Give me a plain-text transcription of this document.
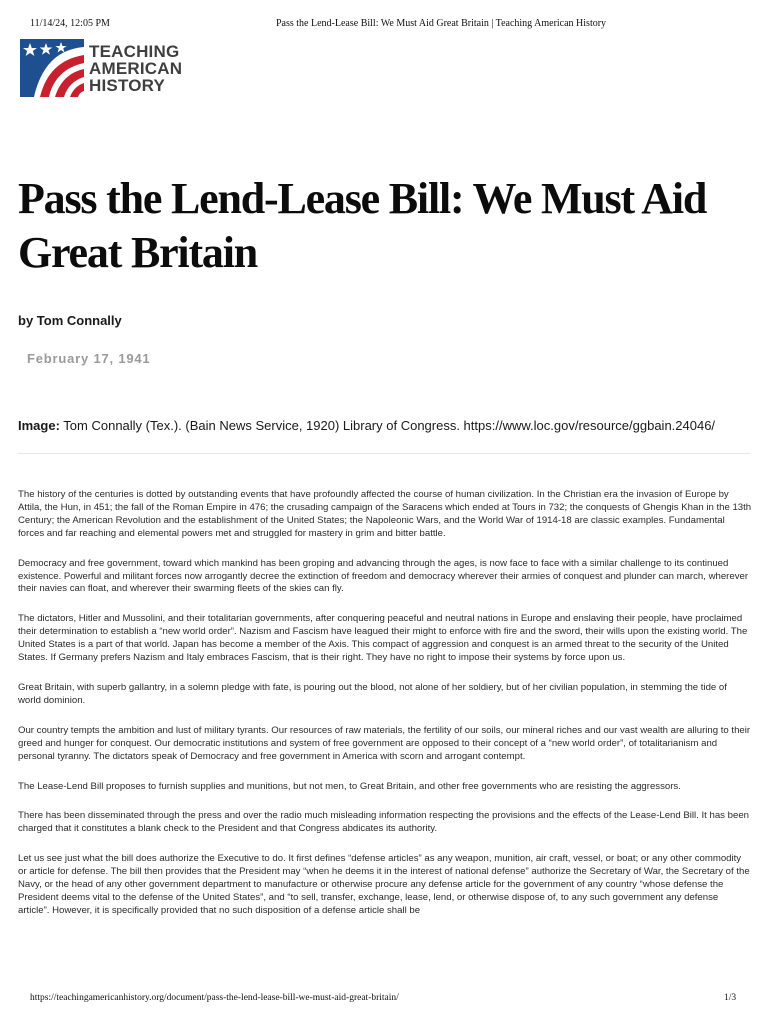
11/14/24, 12:05 PM	Pass the Lend-Lease Bill: We Must Aid Great Britain | Teaching American History
TEACHING
AMERICAN
HISTORY
Pass the Lend-Lease Bill: We Must Aid Great Britain

by Tom Connally

February 17, 1941

Image: Tom Connally (Tex.). (Bain News Service, 1920) Library of Congress. https://www.loc.gov/resource/ggbain.24046/

The history of the centuries is dotted by outstanding events that have profoundly affected the course of human civilization. In the Christian era the invasion of Europe by Attila, the Hun, in 451; the fall of the Roman Empire in 476; the crusading campaign of the Saracens which ended at Tours in 732; the conquests of Ghengis Khan in the 13th Century; the American Revolution and the establishment of the United States; the Napoleonic Wars, and the World War of 1914-18 are classic examples. Fundamental forces and far reaching and elemental powers met and struggled for mastery in grim and bitter battle.

Democracy and free government, toward which mankind has been groping and advancing through the ages, is now face to face with a similar challenge to its continued existence. Powerful and militant forces now arrogantly decree the extinction of freedom and democracy wherever their armies of conquest and plunder can march, wherever their navies can float, and wherever their swarming fleets of the skies can fly.

The dictators, Hitler and Mussolini, and their totalitarian governments, after conquering peaceful and neutral nations in Europe and enslaving their people, have proclaimed their determination to establish a “new world order”. Nazism and Fascism have leagued their might to enforce with fire and the sword, their wills upon the existing world. The United States is a part of that world. Japan has become a member of the Axis. This compact of aggression and conquest is an armed threat to the security of the United States. If Germany prefers Nazism and Italy embraces Fascism, that is their right. They have no right to impose their systems by force upon us.

Great Britain, with superb gallantry, in a solemn pledge with fate, is pouring out the blood, not alone of her soldiery, but of her civilian population, in stemming the tide of world dominion.

Our country tempts the ambition and lust of military tyrants. Our resources of raw materials, the fertility of our soils, our mineral riches and our vast wealth are alluring to their greed and hunger for conquest. Our democratic institutions and system of free government are opposed to their concept of a “new world order”, of totalitarianism and personal tyranny. The dictators speak of Democracy and free government in America with scorn and arrogant contempt.

The Lease-Lend Bill proposes to furnish supplies and munitions, but not men, to Great Britain, and other free governments who are resisting the aggressors.

There has been disseminated through the press and over the radio much misleading information respecting the provisions and the effects of the Lease-Lend Bill. It has been charged that it constitutes a blank check to the President and that Congress abdicates its authority.

Let us see just what the bill does authorize the Executive to do. It first defines “defense articles” as any weapon, munition, air craft, vessel, or boat; or any other commodity or article for defense. The bill then provides that the President may “when he deems it in the interest of national defense” authorize the Secretary of War, the Secretary of the Navy, or the head of any other government department to manufacture or otherwise procure any defense article for the government of any country “whose defense the President deems vital to the defense of the United States”, and “to sell, transfer, exchange, lease, lend, or otherwise dispose of, to any such government any defense article”. However, it is specifically provided that no such disposition of a defense article shall be

https://teachingamericanhistory.org/document/pass-the-lend-lease-bill-we-must-aid-great-britain/	1/3
